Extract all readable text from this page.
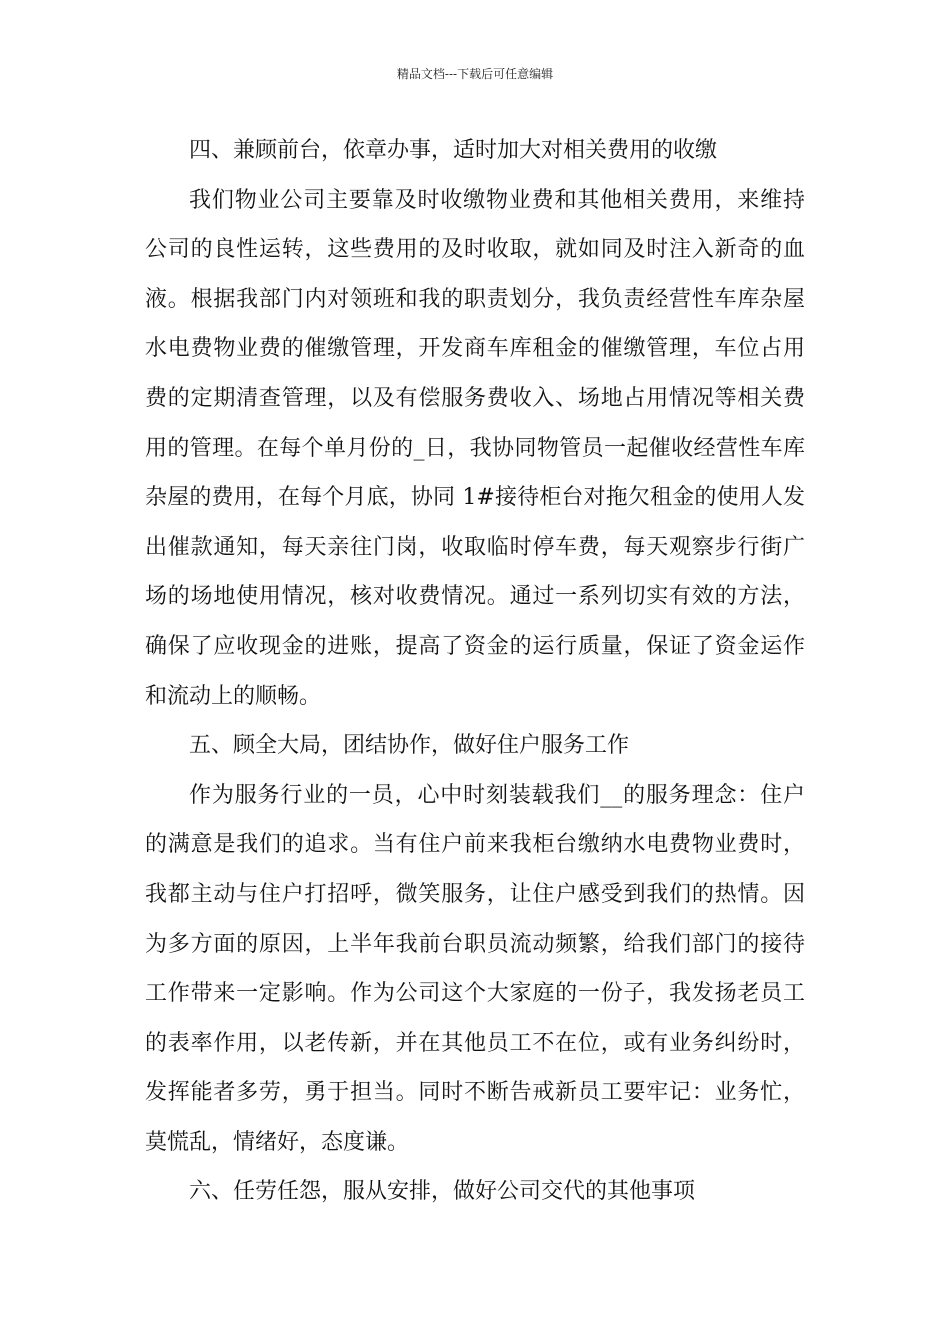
精品文档---下载后可任意编辑
四、兼顾前台，依章办事，适时加大对相关费用的收缴
我们物业公司主要靠及时收缴物业费和其他相关费用，来维持
公司的良性运转，这些费用的及时收取，就如同及时注入新奇的血
液。根据我部门内对领班和我的职责划分，我负责经营性车库杂屋
水电费物业费的催缴管理，开发商车库租金的催缴管理，车位占用
费的定期清查管理，以及有偿服务费收入、场地占用情况等相关费
用的管理。在每个单月份的_日，我协同物管员一起催收经营性车库
杂屋的费用，在每个月底，协同 1#接待柜台对拖欠租金的使用人发
出催款通知，每天亲往门岗，收取临时停车费，每天观察步行街广
场的场地使用情况，核对收费情况。通过一系列切实有效的方法，
确保了应收现金的进账，提高了资金的运行质量，保证了资金运作
和流动上的顺畅。
五、顾全大局，团结协作，做好住户服务工作
作为服务行业的一员，心中时刻装载我们__的服务理念：住户
的满意是我们的追求。当有住户前来我柜台缴纳水电费物业费时，
我都主动与住户打招呼，微笑服务，让住户感受到我们的热情。因
为多方面的原因，上半年我前台职员流动频繁，给我们部门的接待
工作带来一定影响。作为公司这个大家庭的一份子，我发扬老员工
的表率作用，以老传新，并在其他员工不在位，或有业务纠纷时，
发挥能者多劳，勇于担当。同时不断告戒新员工要牢记：业务忙，
莫慌乱，情绪好，态度谦。
六、任劳任怨，服从安排，做好公司交代的其他事项
